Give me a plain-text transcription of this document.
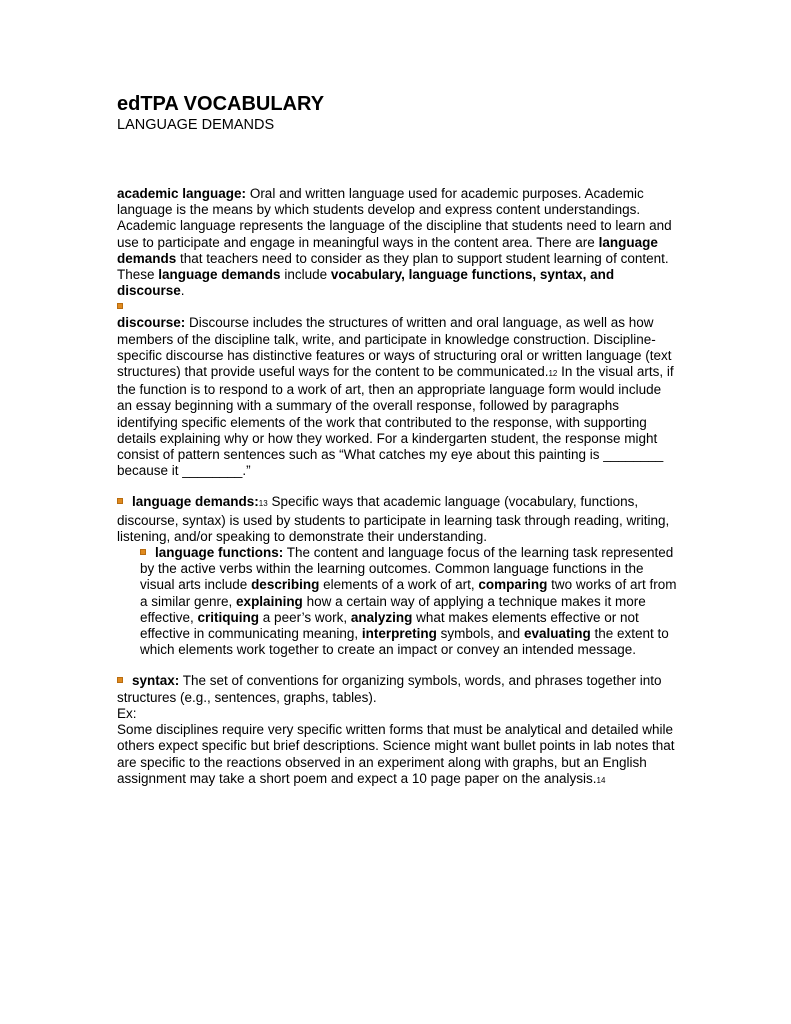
edTPA VOCABULARY
LANGUAGE DEMANDS

academic language: Oral and written language used for academic purposes. Academic language is the means by which students develop and express content understandings. Academic language represents the language of the discipline that students need to learn and use to participate and engage in meaningful ways in the content area. There are language demands that teachers need to consider as they plan to support student learning of content. These language demands include vocabulary, language functions, syntax, and discourse.

discourse: Discourse includes the structures of written and oral language, as well as how members of the discipline talk, write, and participate in knowledge construction. Discipline-specific discourse has distinctive features or ways of structuring oral or written language (text structures) that provide useful ways for the content to be communicated.12 In the visual arts, if the function is to respond to a work of art, then an appropriate language form would include an essay beginning with a summary of the overall response, followed by paragraphs identifying specific elements of the work that contributed to the response, with supporting details explaining why or how they worked. For a kindergarten student, the response might consist of pattern sentences such as “What catches my eye about this painting is ________ because it ________.”

language demands:13 Specific ways that academic language (vocabulary, functions, discourse, syntax) is used by students to participate in learning task through reading, writing, listening, and/or speaking to demonstrate their understanding.

language functions: The content and language focus of the learning task represented by the active verbs within the learning outcomes. Common language functions in the visual arts include describing elements of a work of art, comparing two works of art from a similar genre, explaining how a certain way of applying a technique makes it more effective, critiquing a peer’s work, analyzing what makes elements effective or not effective in communicating meaning, interpreting symbols, and evaluating the extent to which elements work together to create an impact or convey an intended message.

syntax: The set of conventions for organizing symbols, words, and phrases together into structures (e.g., sentences, graphs, tables).

Ex:

Some disciplines require very specific written forms that must be analytical and detailed while others expect specific but brief descriptions. Science might want bullet points in lab notes that are specific to the reactions observed in an experiment along with graphs, but an English assignment may take a short poem and expect a 10 page paper on the analysis.14
